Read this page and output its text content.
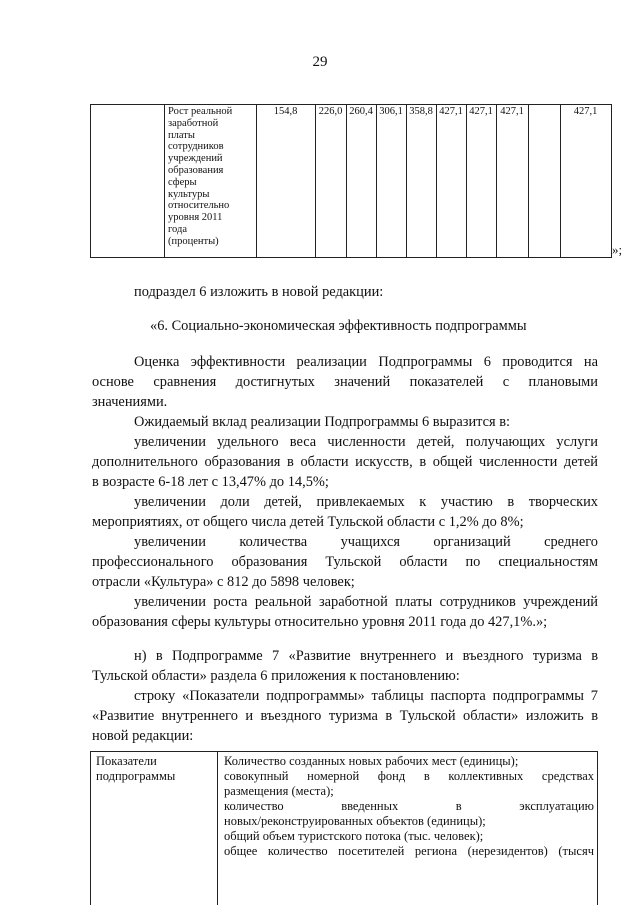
29
Рост реальной
заработной
платы
сотрудников
учреждений
образования
сферы
культуры
относительно
уровня 2011
года
(проценты)
154,8	226,0 260,4 306,1 358,8 427,1 427,1 427,1	427,1
»;
подраздел 6 изложить в новой редакции:
«6. Социально-экономическая эффективность подпрограммы
Оценка эффективности реализации Подпрограммы 6 проводится на
основе сравнения достигнутых значений показателей с плановыми
значениями.
Ожидаемый вклад реализации Подпрограммы 6 выразится в:
увеличении удельного веса численности детей, получающих услуги
дополнительного образования в области искусств, в общей численности детей
в возрасте 6-18 лет с 13,47% до 14,5%;
увеличении доли детей, привлекаемых к участию в творческих
мероприятиях, от общего числа детей Тульской области с 1,2% до 8%;
увеличении количества учащихся организаций среднего
профессионального образования Тульской области по специальностям
отрасли «Культура» с 812 до 5898 человек;
увеличении роста реальной заработной платы сотрудников учреждений
образования сферы культуры относительно уровня 2011 года до 427,1%.»;
н) в Подпрограмме 7 «Развитие внутреннего и въездного туризма в
Тульской области» раздела 6 приложения к постановлению:
строку «Показатели подпрограммы» таблицы паспорта подпрограммы 7
«Развитие внутреннего и въездного туризма в Тульской области» изложить в
новой редакции:
Показатели
подпрограммы
Количество созданных новых рабочих мест (единицы);
совокупный номерной фонд в коллективных средствах
размещения (места);
количество введенных в эксплуатацию
новых/реконструированных объектов (единицы);
общий объем туристского потока (тыс. человек);
общее количество посетителей региона (нерезидентов) (тысяч
